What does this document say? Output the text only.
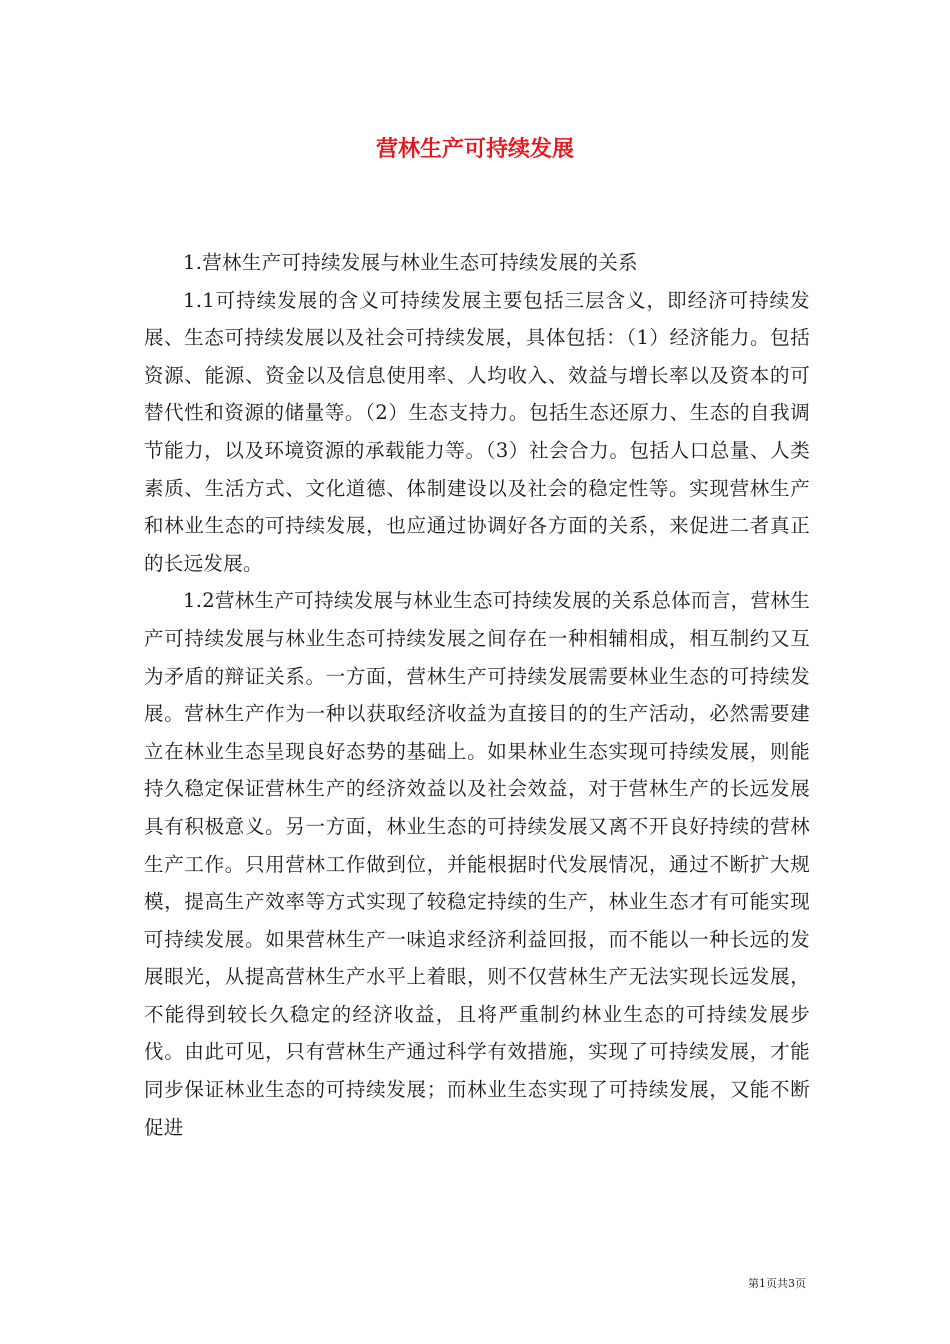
营林生产可持续发展

1.营林生产可持续发展与林业生态可持续发展的关系

1.1可持续发展的含义可持续发展主要包括三层含义，即经济可持续发展、生态可持续发展以及社会可持续发展，具体包括：（1）经济能力。包括资源、能源、资金以及信息使用率、人均收入、效益与增长率以及资本的可替代性和资源的储量等。（2）生态支持力。包括生态还原力、生态的自我调节能力，以及环境资源的承载能力等。（3）社会合力。包括人口总量、人类素质、生活方式、文化道德、体制建设以及社会的稳定性等。实现营林生产和林业生态的可持续发展，也应通过协调好各方面的关系，来促进二者真正的长远发展。

1.2营林生产可持续发展与林业生态可持续发展的关系总体而言，营林生产可持续发展与林业生态可持续发展之间存在一种相辅相成，相互制约又互为矛盾的辩证关系。一方面，营林生产可持续发展需要林业生态的可持续发展。营林生产作为一种以获取经济收益为直接目的的生产活动，必然需要建立在林业生态呈现良好态势的基础上。如果林业生态实现可持续发展，则能持久稳定保证营林生产的经济效益以及社会效益，对于营林生产的长远发展具有积极意义。另一方面，林业生态的可持续发展又离不开良好持续的营林生产工作。只用营林工作做到位，并能根据时代发展情况，通过不断扩大规模，提高生产效率等方式实现了较稳定持续的生产，林业生态才有可能实现可持续发展。如果营林生产一味追求经济利益回报，而不能以一种长远的发展眼光，从提高营林生产水平上着眼，则不仅营林生产无法实现长远发展，不能得到较长久稳定的经济收益，且将严重制约林业生态的可持续发展步伐。由此可见，只有营林生产通过科学有效措施，实现了可持续发展，才能同步保证林业生态的可持续发展；而林业生态实现了可持续发展，又能不断促进

第1页共3页
